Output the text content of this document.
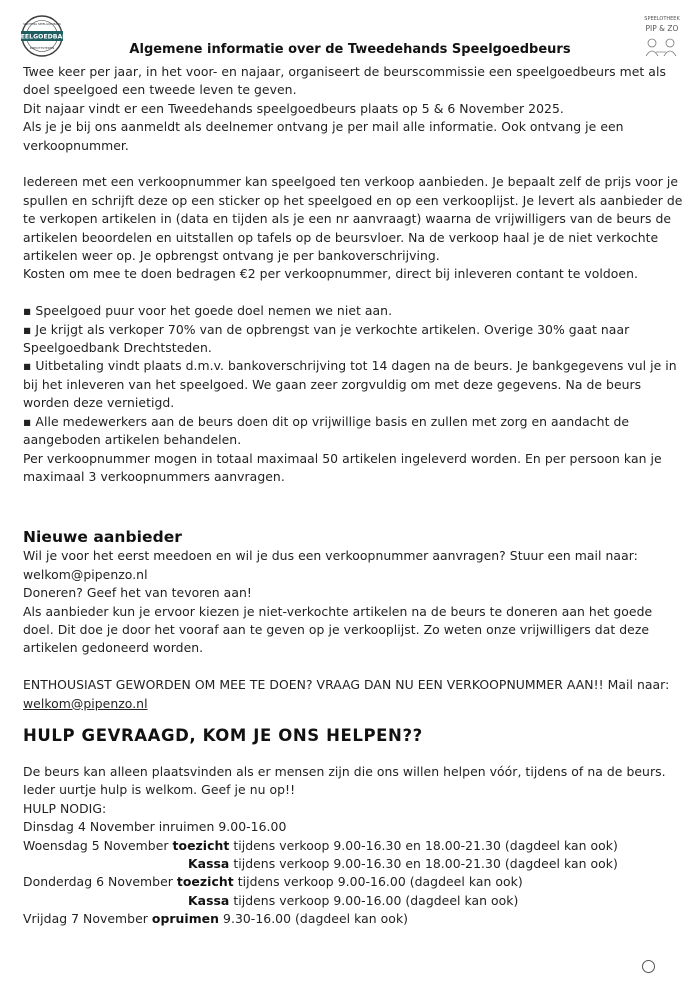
SPEELGOEDBANK
STICHTING SPEELGOEDBANK
DRECHTSTEDEN
SPEELOTHEEK
PIP & ZO
Algemene informatie over de Tweedehands Speelgoedbeurs

Twee keer per jaar, in het voor- en najaar, organiseert de beurscommissie een speelgoedbeurs met als doel speelgoed een tweede leven te geven.

Dit najaar vindt er een Tweedehands speelgoedbeurs plaats op 5 & 6 November 2025.

Als je je bij ons aanmeldt als deelnemer ontvang je per mail alle informatie. Ook ontvang je een verkoopnummer.

Iedereen met een verkoopnummer kan speelgoed ten verkoop aanbieden. Je bepaalt zelf de prijs voor je spullen en schrijft deze op een sticker op het speelgoed en op een verkooplijst. Je levert als aanbieder de te verkopen artikelen in (data en tijden als je een nr aanvraagt) waarna de vrijwilligers van de beurs de artikelen beoordelen en uitstallen op tafels op de beursvloer. Na de verkoop haal je de niet verkochte artikelen weer op. Je opbrengst ontvang je per bankoverschrijving.

Kosten om mee te doen bedragen €2 per verkoopnummer, direct bij inleveren contant te voldoen.

▪ Speelgoed puur voor het goede doel nemen we niet aan.

▪ Je krijgt als verkoper 70% van de opbrengst van je verkochte artikelen. Overige 30% gaat naar Speelgoedbank Drechtsteden.

▪ Uitbetaling vindt plaats d.m.v. bankoverschrijving tot 14 dagen na de beurs. Je bankgegevens vul je in bij het inleveren van het speelgoed. We gaan zeer zorgvuldig om met deze gegevens. Na de beurs worden deze vernietigd.

▪ Alle medewerkers aan de beurs doen dit op vrijwillige basis en zullen met zorg en aandacht de aangeboden artikelen behandelen.

Per verkoopnummer mogen in totaal maximaal 50 artikelen ingeleverd worden. En per persoon kan je maximaal 3 verkoopnummers aanvragen.

Nieuwe aanbieder

Wil je voor het eerst meedoen en wil je dus een verkoopnummer aanvragen? Stuur een mail naar: welkom@pipenzo.nl

Doneren? Geef het van tevoren aan!

Als aanbieder kun je ervoor kiezen je niet-verkochte artikelen na de beurs te doneren aan het goede doel. Dit doe je door het vooraf aan te geven op je verkooplijst. Zo weten onze vrijwilligers dat deze artikelen gedoneerd worden.

ENTHOUSIAST GEWORDEN OM MEE TE DOEN? VRAAG DAN NU EEN VERKOOPNUMMER AAN!! Mail naar: welkom@pipenzo.nl

HULP GEVRAAGD, KOM JE ONS HELPEN??

De beurs kan alleen plaatsvinden als er mensen zijn die ons willen helpen vóór, tijdens of na de beurs. Ieder uurtje hulp is welkom. Geef je nu op!!

HULP NODIG:

Dinsdag 4 November inruimen 9.00-16.00

Woensdag 5 November toezicht tijdens verkoop 9.00-16.30 en 18.00-21.30 (dagdeel kan ook)

Kassa tijdens verkoop 9.00-16.30 en 18.00-21.30 (dagdeel kan ook)

Donderdag 6 November toezicht tijdens verkoop 9.00-16.00 (dagdeel kan ook)

Kassa tijdens verkoop 9.00-16.00 (dagdeel kan ook)

Vrijdag 7 November opruimen 9.30-16.00 (dagdeel kan ook)
